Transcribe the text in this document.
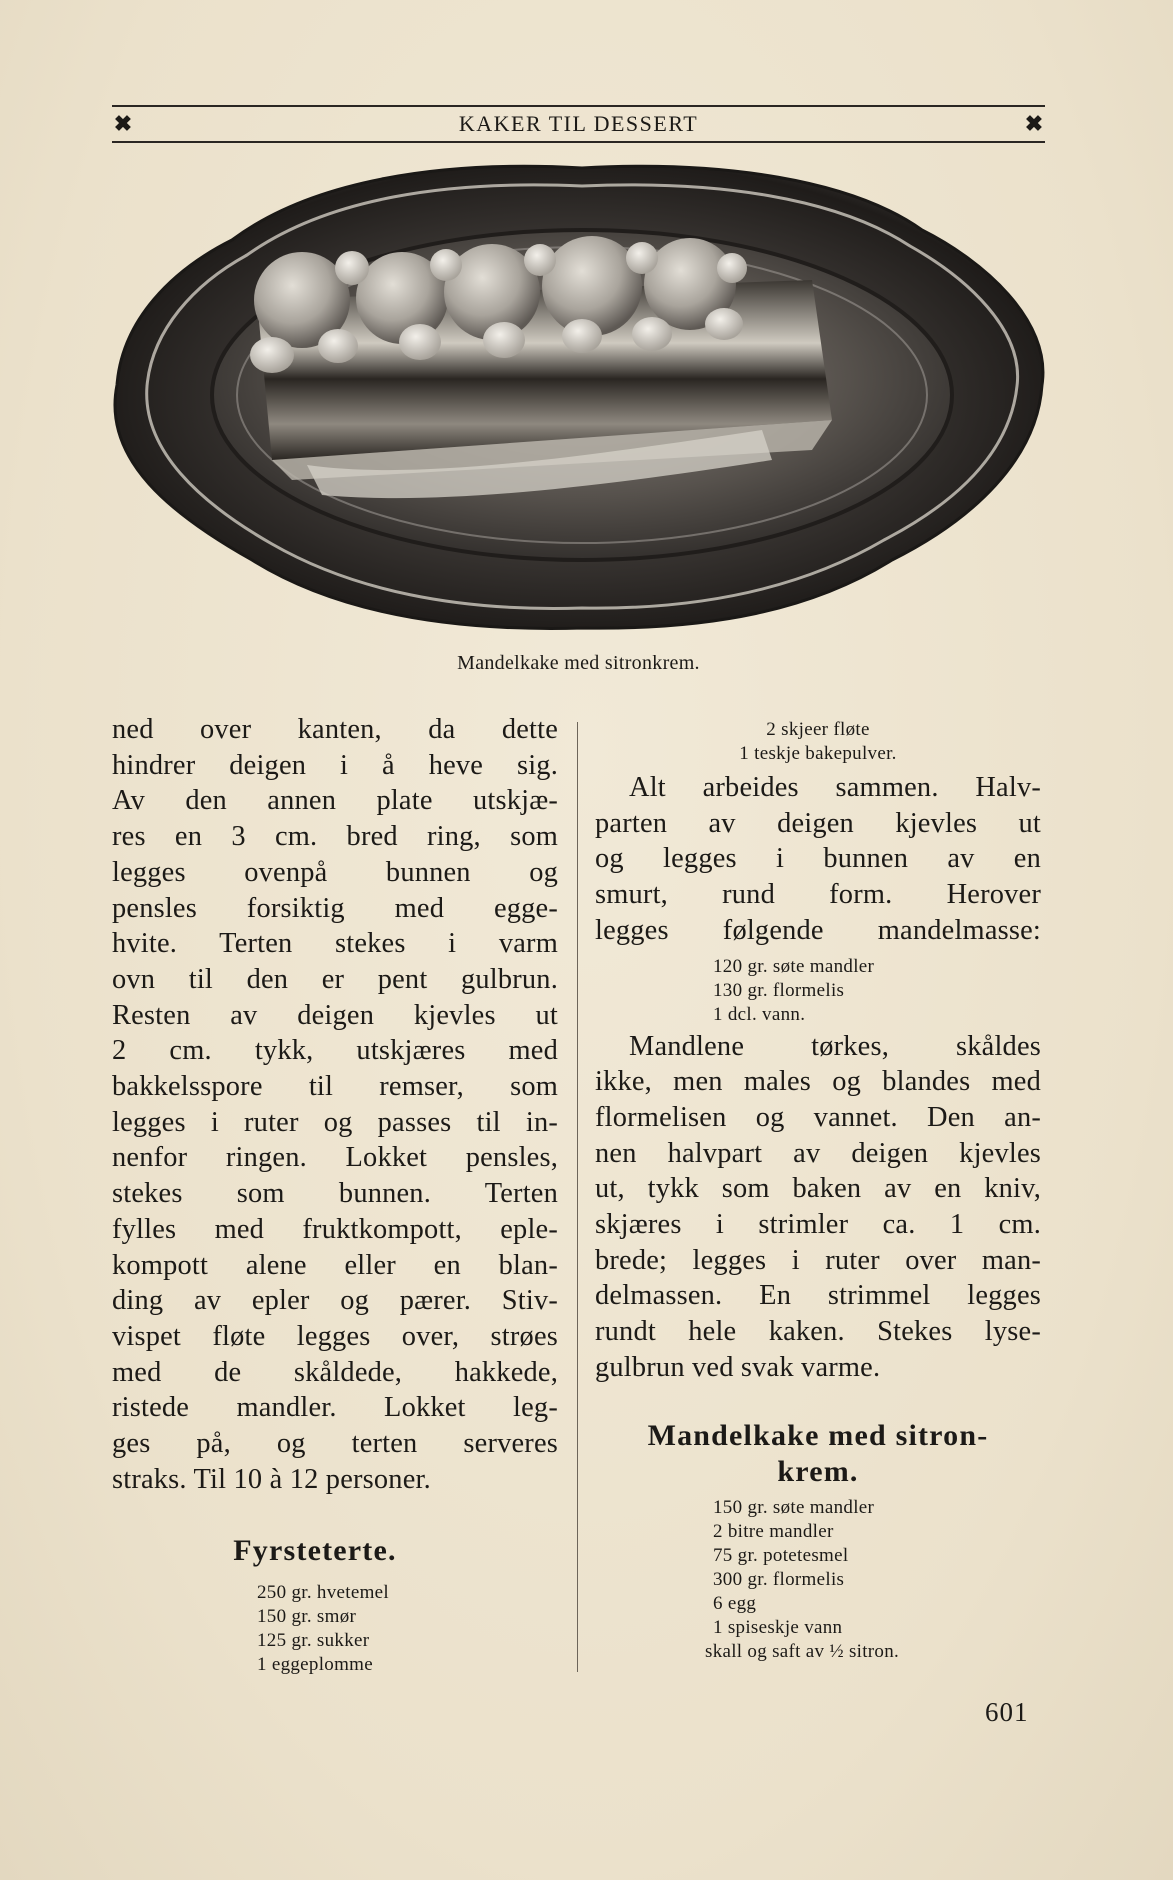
✖	KAKER TIL DESSERT	✖
Mandelkake med sitronkrem.

ned over kanten, da dette
hindrer deigen i å heve sig.
Av den annen plate utskjæ-
res en 3 cm. bred ring, som
legges ovenpå bunnen og
pensles forsiktig med egge-
hvite. Terten stekes i varm
ovn til den er pent gulbrun.
Resten av deigen kjevles ut
2 cm. tykk, utskjæres med
bakkelsspore til remser, som
legges i ruter og passes til in-
nenfor ringen. Lokket pensles,
stekes som bunnen. Terten
fylles med fruktkompott, eple-
kompott alene eller en blan-
ding av epler og pærer. Stiv-
vispet fløte legges over, strøes
med de skåldede, hakkede,
ristede mandler. Lokket leg-
ges på, og terten serveres
straks. Til 10 à 12 personer.

Fyrsteterte.

250 gr. hvetemel
150 gr. smør
125 gr. sukker
1 eggeplomme

2 skjeer fløte
1 teskje bakepulver.

Alt arbeides sammen. Halv-
parten av deigen kjevles ut
og legges i bunnen av en
smurt, rund form. Herover
legges følgende mandelmasse:

120 gr. søte mandler
130 gr. flormelis
1 dcl. vann.

Mandlene tørkes, skåldes
ikke, men males og blandes med
flormelisen og vannet. Den an-
nen halvpart av deigen kjevles
ut, tykk som baken av en kniv,
skjæres i strimler ca. 1 cm.
brede; legges i ruter over man-
delmassen. En strimmel legges
rundt hele kaken. Stekes lyse-
gulbrun ved svak varme.

Mandelkake med sitron-
krem.

150 gr. søte mandler
2 bitre mandler
75 gr. potetesmel
300 gr. flormelis
6 egg
1 spiseskje vann
skall og saft av ½ sitron.

601
